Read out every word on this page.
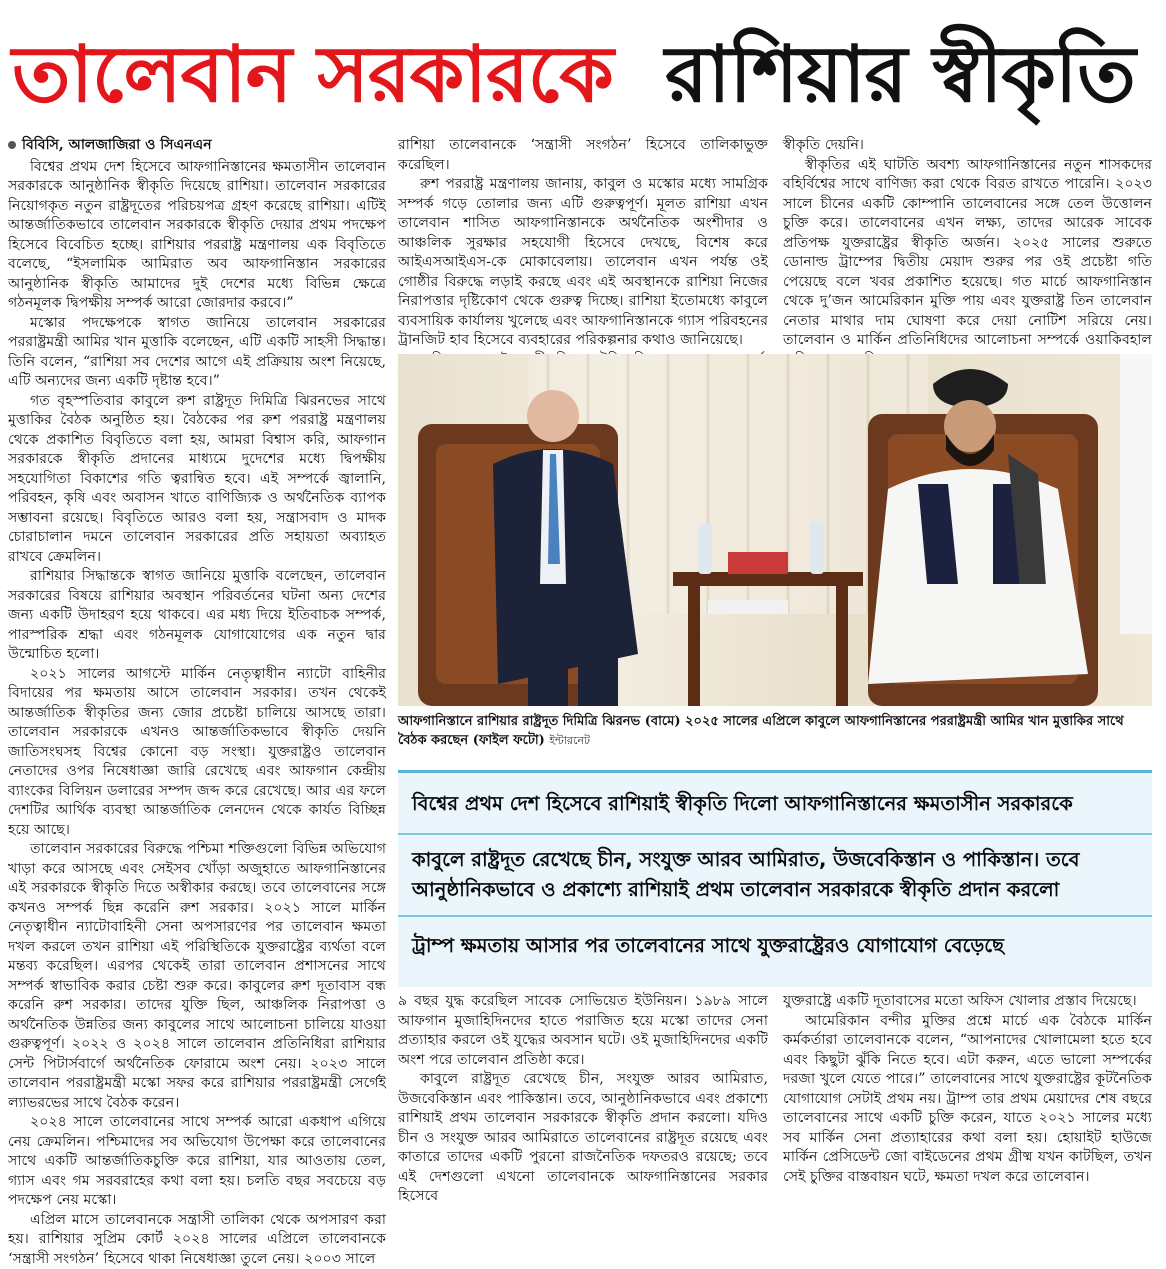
তালেবান সরকারকে রাশিয়ার স্বীকৃতি
বিবিসি, আলজাজিরা ও সিএনএন

বিশ্বের প্রথম দেশ হিসেবে আফগানিস্তানের ক্ষমতাসীন তালেবান সরকারকে আনুষ্ঠানিক স্বীকৃতি দিয়েছে রাশিয়া। তালেবান সরকারের নিয়োগকৃত নতুন রাষ্ট্রদূতের পরিচয়পত্র গ্রহণ করেছে রাশিয়া। এটিই আন্তর্জাতিকভাবে তালেবান সরকারকে স্বীকৃতি দেয়ার প্রথম পদক্ষেপ হিসেবে বিবেচিত হচ্ছে। রাশিয়ার পররাষ্ট্র মন্ত্রণালয় এক বিবৃতিতে বলেছে, “ইসলামিক আমিরাত অব আফগানিস্তান সরকারের আনুষ্ঠানিক স্বীকৃতি আমাদের দুই দেশের মধ্যে বিভিন্ন ক্ষেত্রে গঠনমূলক দ্বিপক্ষীয় সম্পর্ক আরো জোরদার করবে।”

মস্কোর পদক্ষেপকে স্বাগত জানিয়ে তালেবান সরকারের পররাষ্ট্রমন্ত্রী আমির খান মুত্তাকি বলেছেন, এটি একটি সাহসী সিদ্ধান্ত। তিনি বলেন, “রাশিয়া সব দেশের আগে এই প্রক্রিয়ায় অংশ নিয়েছে, এটি অন্যদের জন্য একটি দৃষ্টান্ত হবে।”

গত বৃহস্পতিবার কাবুলে রুশ রাষ্ট্রদূত দিমিত্রি ঝিরনভের সাথে মুত্তাকির বৈঠক অনুষ্ঠিত হয়। বৈঠকের পর রুশ পররাষ্ট্র মন্ত্রণালয় থেকে প্রকাশিত বিবৃতিতে বলা হয়, আমরা বিশ্বাস করি, আফগান সরকারকে স্বীকৃতি প্রদানের মাধ্যমে দুদেশের মধ্যে দ্বিপক্ষীয় সহযোগিতা বিকাশের গতি ত্বরান্বিত হবে। এই সম্পর্কে জ্বালানি, পরিবহন, কৃষি এবং অবাসন খাতে বাণিজ্যিক ও অর্থনৈতিক ব্যাপক সম্ভাবনা রয়েছে। বিবৃতিতে আরও বলা হয়, সন্ত্রাসবাদ ও মাদক চোরাচালান দমনে তালেবান সরকারের প্রতি সহায়তা অব্যাহত রাখবে ক্রেমলিন।

রাশিয়ার সিদ্ধান্তকে স্বাগত জানিয়ে মুত্তাকি বলেছেন, তালেবান সরকারের বিষয়ে রাশিয়ার অবস্থান পরিবর্তনের ঘটনা অন্য দেশের জন্য একটি উদাহরণ হয়ে থাকবে। এর মধ্য দিয়ে ইতিবাচক সম্পর্ক, পারস্পরিক শ্রদ্ধা এবং গঠনমূলক যোগাযোগের এক নতুন দ্বার উন্মোচিত হলো।

২০২১ সালের আগস্টে মার্কিন নেতৃত্বাধীন ন্যাটো বাহিনীর বিদায়ের পর ক্ষমতায় আসে তালেবান সরকার। তখন থেকেই আন্তর্জাতিক স্বীকৃতির জন্য জোর প্রচেষ্টা চালিয়ে আসছে তারা। তালেবান সরকারকে এখনও আন্তর্জাতিকভাবে স্বীকৃতি দেয়নি জাতিসংঘসহ বিশ্বের কোনো বড় সংস্থা। যুক্তরাষ্ট্রও তালেবান নেতাদের ওপর নিষেধাজ্ঞা জারি রেখেছে এবং আফগান কেন্দ্রীয় ব্যাংকের বিলিয়ন ডলারের সম্পদ জব্দ করে রেখেছে। আর এর ফলে দেশটির আর্থিক ব্যবস্থা আন্তর্জাতিক লেনদেন থেকে কার্যত বিচ্ছিন্ন হয়ে আছে।

তালেবান সরকারের বিরুদ্ধে পশ্চিমা শক্তিগুলো বিভিন্ন অভিযোগ খাড়া করে আসছে এবং সেইসব খোঁড়া অজুহাতে আফগানিস্তানের এই সরকারকে স্বীকৃতি দিতে অস্বীকার করছে। তবে তালেবানের সঙ্গে কখনও সম্পর্ক ছিন্ন করেনি রুশ সরকার। ২০২১ সালে মার্কিন নেতৃত্বাধীন ন্যাটোবাহিনী সেনা অপসারণের পর তালেবান ক্ষমতা দখল করলে তখন রাশিয়া এই পরিস্থিতিকে যুক্তরাষ্ট্রের ব্যর্থতা বলে মন্তব্য করেছিল। এরপর থেকেই তারা তালেবান প্রশাসনের সাথে সম্পর্ক স্বাভাবিক করার চেষ্টা শুরু করে। কাবুলের রুশ দূতাবাস বন্ধ করেনি রুশ সরকার। তাদের যুক্তি ছিল, আঞ্চলিক নিরাপত্তা ও অর্থনৈতিক উন্নতির জন্য কাবুলের সাথে আলোচনা চালিয়ে যাওয়া গুরুত্বপূর্ণ। ২০২২ ও ২০২৪ সালে তালেবান প্রতিনিধিরা রাশিয়ার সেন্ট পিটার্সবার্গে অর্থনৈতিক ফোরামে অংশ নেয়। ২০২৩ সালে তালেবান পররাষ্ট্রমন্ত্রী মস্কো সফর করে রাশিয়ার পররাষ্ট্রমন্ত্রী সের্গেই ল্যাভরভের সাথে বৈঠক করেন।

২০২৪ সালে তালেবানের সাথে সম্পর্ক আরো একধাপ এগিয়ে নেয় ক্রেমলিন। পশ্চিমাদের সব অভিযোগ উপেক্ষা করে তালেবানের সাথে একটি আন্তর্জাতিকচুক্তি করে রাশিয়া, যার আওতায় তেল, গ্যাস এবং গম সরবরাহের কথা বলা হয়। চলতি বছর সবচেয়ে বড় পদক্ষেপ নেয় মস্কো।

এপ্রিল মাসে তালেবানকে সন্ত্রাসী তালিকা থেকে অপসারণ করা হয়। রাশিয়ার সুপ্রিম কোর্ট ২০২৪ সালের এপ্রিলে তালেবানকে ‘সন্ত্রাসী সংগঠন’ হিসেবে থাকা নিষেধাজ্ঞা তুলে নেয়। ২০০৩ সালে

রাশিয়া তালেবানকে ‘সন্ত্রাসী সংগঠন’ হিসেবে তালিকাভুক্ত করেছিল।

রুশ পররাষ্ট্র মন্ত্রণালয় জানায়, কাবুল ও মস্কোর মধ্যে সামগ্রিক সম্পর্ক গড়ে তোলার জন্য এটি গুরুত্বপূর্ণ। মূলত রাশিয়া এখন তালেবান শাসিত আফগানিস্তানকে অর্থনৈতিক অংশীদার ও আঞ্চলিক সুরক্ষার সহযোগী হিসেবে দেখছে, বিশেষ করে আইএসআইএস-কে মোকাবেলায়। তালেবান এখন পর্যন্ত ওই গোষ্ঠীর বিরুদ্ধে লড়াই করছে এবং এই অবস্থানকে রাশিয়া নিজের নিরাপত্তার দৃষ্টিকোণ থেকে গুরুত্ব দিচ্ছে। রাশিয়া ইতোমধ্যে কাবুলে ব্যবসায়িক কার্যালয় খুলেছে এবং আফগানিস্তানকে গ্যাস পরিবহনের ট্রানজিট হাব হিসেবে ব্যবহারের পরিকল্পনার কথাও জানিয়েছে।

স্বীকৃতি দেয়নি।

স্বীকৃতির এই ঘাটতি অবশ্য আফগানিস্তানের নতুন শাসকদের বহির্বিশ্বের সাথে বাণিজ্য করা থেকে বিরত রাখতে পারেনি। ২০২৩ সালে চীনের একটি কোম্পানি তালেবানের সঙ্গে তেল উত্তোলন চুক্তি করে। তালেবানের এখন লক্ষ্য, তাদের আরেক সাবেক প্রতিপক্ষ যুক্তরাষ্ট্রের স্বীকৃতি অর্জন। ২০২৫ সালের শুরুতে ডোনাল্ড ট্রাম্পের দ্বিতীয় মেয়াদ শুরুর পর ওই প্রচেষ্টা গতি পেয়েছে বলে খবর প্রকাশিত হয়েছে। গত মার্চে আফগানিস্তান থেকে দু’জন আমেরিকান মুক্তি পায় এবং যুক্তরাষ্ট্র তিন তালেবান নেতার মাথার দাম ঘোষণা করে দেয়া নোটিশ সরিয়ে নেয়। তালেবান ও মার্কিন প্রতিনিধিদের আলোচনা সম্পর্কে ওয়াকিবহাল

আফগানিস্তানে রাশিয়ার রাষ্ট্রদূত দিমিত্রি ঝিরনভ (বামে) ২০২৫ সালের এপ্রিলে কাবুলে আফগানিস্তানের পররাষ্ট্রমন্ত্রী আমির খান মুত্তাকির সাথে বৈঠক করছেন (ফাইল ফটো) ইন্টারনেট
বিশ্বের প্রথম দেশ হিসেবে রাশিয়াই স্বীকৃতি দিলো আফগানিস্তানের ক্ষমতাসীন সরকারকে
কাবুলে রাষ্ট্রদূত রেখেছে চীন, সংযুক্ত আরব আমিরাত, উজবেকিস্তান ও পাকিস্তান। তবে আনুষ্ঠানিকভাবে ও প্রকাশ্যে রাশিয়াই প্রথম তালেবান সরকারকে স্বীকৃতি প্রদান করলো
ট্রাম্প ক্ষমতায় আসার পর তালেবানের সাথে যুক্তরাষ্ট্রেরও যোগাযোগ বেড়েছে

৯ বছর যুদ্ধ করেছিল সাবেক সোভিয়েত ইউনিয়ন। ১৯৮৯ সালে আফগান মুজাহিদিনদের হাতে পরাজিত হয়ে মস্কো তাদের সেনা প্রত্যাহার করলে ওই যুদ্ধের অবসান ঘটে। ওই মুজাহিদিনদের একটি অংশ পরে তালেবান প্রতিষ্ঠা করে।

কাবুলে রাষ্ট্রদূত রেখেছে চীন, সংযুক্ত আরব আমিরাত, উজবেকিস্তান এবং পাকিস্তান। তবে, আনুষ্ঠানিকভাবে এবং প্রকাশ্যে রাশিয়াই প্রথম তালেবান সরকারকে স্বীকৃতি প্রদান করলো। যদিও চীন ও সংযুক্ত আরব আমিরাতে তালেবানের রাষ্ট্রদূত রয়েছে এবং কাতারে তাদের একটি পুরনো রাজনৈতিক দফতরও রয়েছে; তবে এই দেশগুলো এখনো তালেবানকে আফগানিস্তানের সরকার হিসেবে

যুক্তরাষ্ট্রে একটি দূতাবাসের মতো অফিস খোলার প্রস্তাব দিয়েছে।

আমেরিকান বন্দীর মুক্তির প্রশ্নে মার্চে এক বৈঠকে মার্কিন কর্মকর্তারা তালেবানকে বলেন, “আপনাদের খোলামেলা হতে হবে এবং কিছুটা ঝুঁকি নিতে হবে। এটা করুন, এতে ভালো সম্পর্কের দরজা খুলে যেতে পারে।” তালেবানের সাথে যুক্তরাষ্ট্রের কূটনৈতিক যোগাযোগ সেটাই প্রথম নয়। ট্রাম্প তার প্রথম মেয়াদের শেষ বছরে তালেবানের সাথে একটি চুক্তি করেন, যাতে ২০২১ সালের মধ্যে সব মার্কিন সেনা প্রত্যাহারের কথা বলা হয়। হোয়াইট হাউজে মার্কিন প্রেসিডেন্ট জো বাইডেনের প্রথম গ্রীষ্ম যখন কাটছিল, তখন সেই চুক্তির বাস্তবায়ন ঘটে, ক্ষমতা দখল করে তালেবান।
